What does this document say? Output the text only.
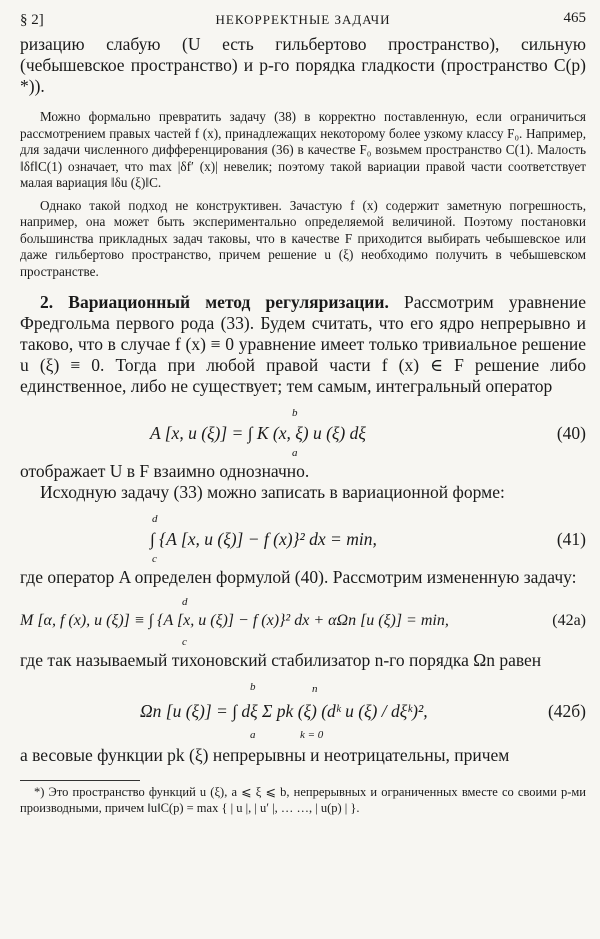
§ 2]	НЕКОРРЕКТНЫЕ ЗАДАЧИ	465

ризацию слабую (U есть гильбертово пространство), сильную (чебышевское пространство) и p-го порядка гладкости (пространство C(p) *)).

Можно формально превратить задачу (38) в корректно поставленную, если ограничиться рассмотрением правых частей f (x), принадлежащих некоторому более узкому классу F₀. Например, для задачи численного дифференцирования (36) в качестве F₀ возьмем пространство C(1). Малость ‖δf‖C(1) означает, что max |δf′ (x)| невелик; поэтому такой вариации правой части соответствует малая вариация ‖δu (ξ)‖C.

Однако такой подход не конструктивен. Зачастую f (x) содержит заметную погрешность, например, она может быть экспериментально определяемой величиной. Поэтому постановки большинства прикладных задач таковы, что в качестве F приходится выбирать чебышевское или даже гильбертово пространство, причем решение u (ξ) необходимо получить в чебышевском пространстве.

2. Вариационный метод регуляризации. Рассмотрим уравнение Фредгольма первого рода (33). Будем считать, что его ядро непрерывно и таково, что в случае f (x) ≡ 0 уравнение имеет только тривиальное решение u (ξ) ≡ 0. Тогда при любой правой части f (x) ∈ F решение либо единственное, либо не существует; тем самым, интегральный оператор

b
a
A [x, u (ξ)] = ∫ K (x, ξ) u (ξ) dξ	(40)

отображает U в F взаимно однозначно.

Исходную задачу (33) можно записать в вариационной форме:

d
c
∫ {A [x, u (ξ)] − f (x)}² dx = min,	(41)

где оператор A определен формулой (40). Рассмотрим измененную задачу:

d
c
M [α, f (x), u (ξ)] ≡ ∫ {A [x, u (ξ)] − f (x)}² dx + αΩn [u (ξ)] = min,	(42а)

где так называемый тихоновский стабилизатор n-го порядка Ωn равен

b
a
n
k = 0
Ωn [u (ξ)] = ∫ dξ Σ pk (ξ) (dᵏ u (ξ) / dξᵏ)²,	(42б)

а весовые функции pk (ξ) непрерывны и неотрицательны, причем

*) Это пространство функций u (ξ), a ⩽ ξ ⩽ b, непрерывных и ограниченных вместе со своими p-ми производными, причем ‖u‖C(p) = max { | u |, | u′ |, … …, | u(p) | }.
